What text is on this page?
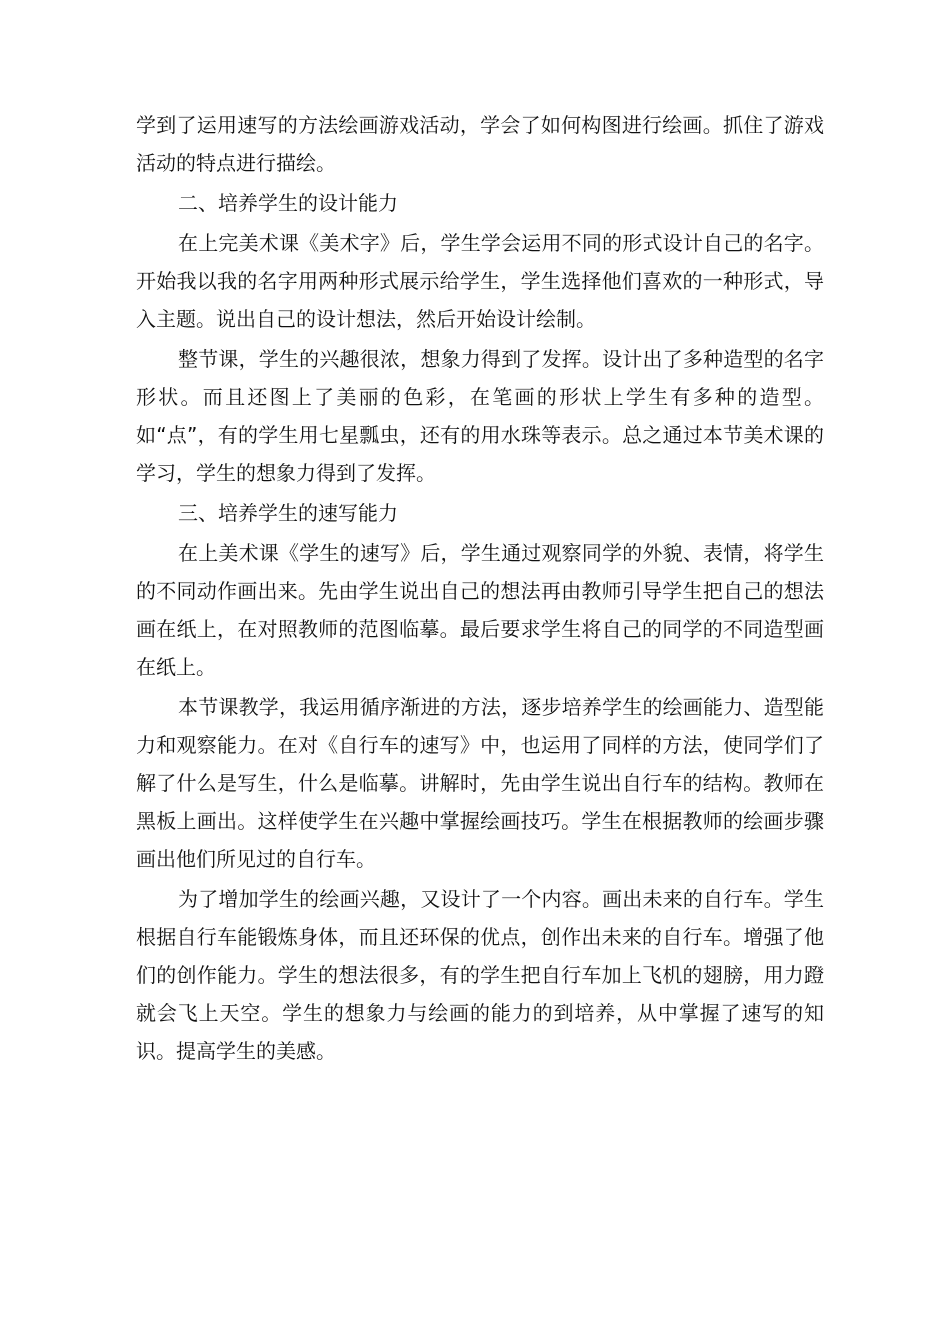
学到了运用速写的方法绘画游戏活动，学会了如何构图进行绘画。抓住了游戏活动的特点进行描绘。

二、培养学生的设计能力

在上完美术课《美术字》后，学生学会运用不同的形式设计自己的名字。开始我以我的名字用两种形式展示给学生，学生选择他们喜欢的一种形式，导入主题。说出自己的设计想法，然后开始设计绘制。

整节课，学生的兴趣很浓，想象力得到了发挥。设计出了多种造型的名字形状。而且还图上了美丽的色彩，在笔画的形状上学生有多种的造型。如“点”，有的学生用七星瓢虫，还有的用水珠等表示。总之通过本节美术课的学习，学生的想象力得到了发挥。

三、培养学生的速写能力

在上美术课《学生的速写》后，学生通过观察同学的外貌、表情，将学生的不同动作画出来。先由学生说出自己的想法再由教师引导学生把自己的想法画在纸上，在对照教师的范图临摹。最后要求学生将自己的同学的不同造型画在纸上。

本节课教学，我运用循序渐进的方法，逐步培养学生的绘画能力、造型能力和观察能力。在对《自行车的速写》中，也运用了同样的方法，使同学们了解了什么是写生，什么是临摹。讲解时，先由学生说出自行车的结构。教师在黑板上画出。这样使学生在兴趣中掌握绘画技巧。学生在根据教师的绘画步骤画出他们所见过的自行车。

为了增加学生的绘画兴趣，又设计了一个内容。画出未来的自行车。学生根据自行车能锻炼身体，而且还环保的优点，创作出未来的自行车。增强了他们的创作能力。学生的想法很多，有的学生把自行车加上飞机的翅膀，用力蹬就会飞上天空。学生的想象力与绘画的能力的到培养，从中掌握了速写的知识。提高学生的美感。
